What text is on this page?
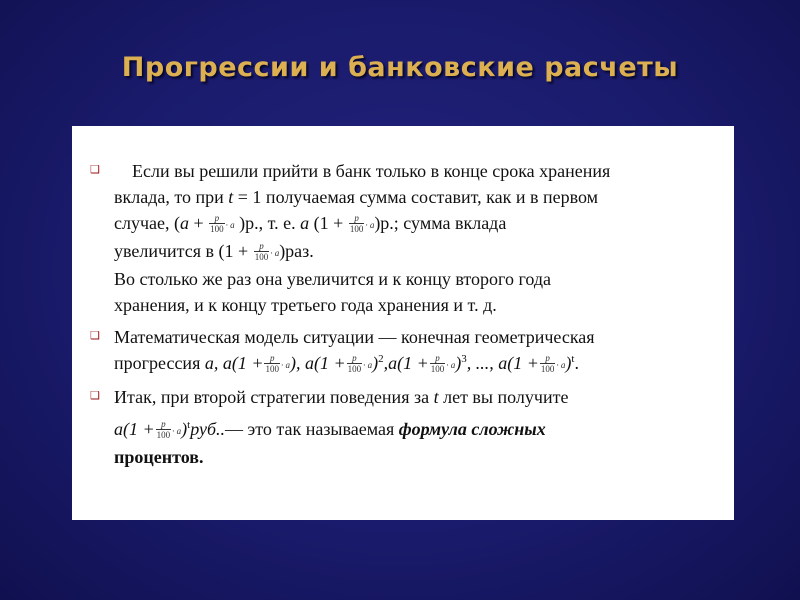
Прогрессии и банковские расчеты
❑	Если вы решили прийти в банк только в конце срока хранения
вклада, то при t = 1 получаемая сумма составит, как и в первом
случае, ($a + \frac{p}{100} \cdot a$ )р., т. е. a $(1 + \frac{p}{100} \cdot a)р$.; сумма вклада
увеличится в $(1 + \frac{p}{100} \cdot a)раз$.
Во столько же раз она увеличится и к концу второго года
хранения, и к концу третьего года хранения и т. д.
❑ Математическая модель ситуации — конечная геометрическая
прогрессия a, $a(1 + \frac{p}{100} \cdot a)$, $a(1 + \frac{p}{100} \cdot a)^2,a(1 + \frac{p}{100} \cdot a)^3$, ..., $a(1 + \frac{p}{100} \cdot a)^t$.
❑ Итак, при второй стратегии поведения за t лет вы получите
$a(1 + \frac{p}{100}$ · $a)^tруб..—$ это так называемая формула сложных
процентов.
